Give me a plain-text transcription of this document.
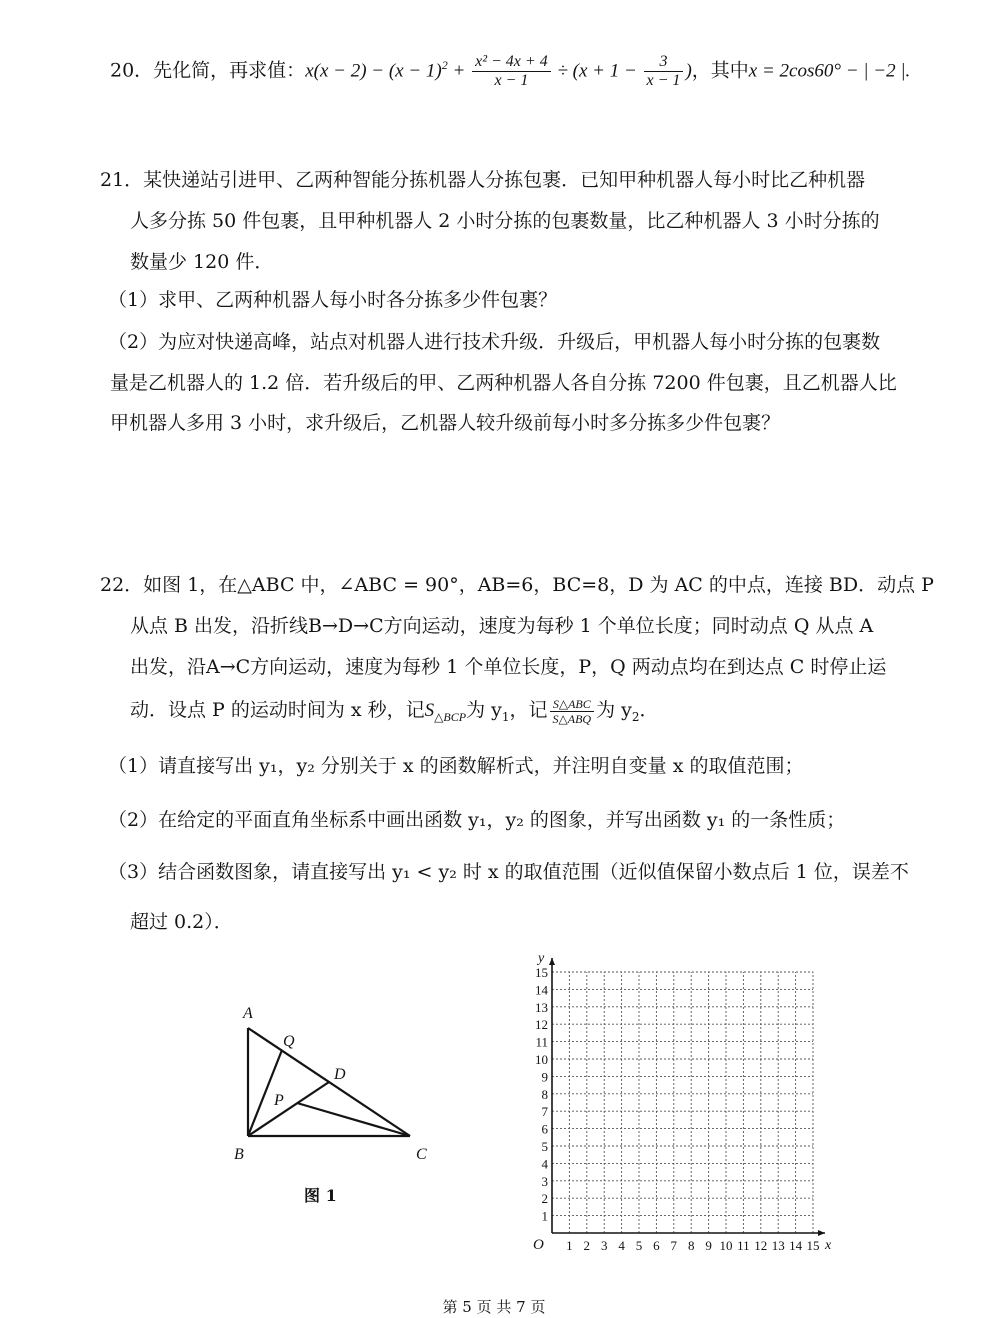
20．先化简，再求值：$x(x - 2) - (x - 1)^2 + \frac{\text{x² − 4x + 4}}{x - 1} \div (x + 1 - \frac{3}{x - 1}$ )，其中x = 2cos60° − | −2 |.
21．某快递站引进甲、乙两种智能分拣机器人分拣包裹．已知甲种机器人每小时比乙种机器
人多分拣 50 件包裹，且甲种机器人 2 小时分拣的包裹数量，比乙种机器人 3 小时分拣的
数量少 120 件．
（1）求甲、乙两种机器人每小时各分拣多少件包裹？
（2）为应对快递高峰，站点对机器人进行技术升级．升级后，甲机器人每小时分拣的包裹数
量是乙机器人的 1.2 倍．若升级后的甲、乙两种机器人各自分拣 7200 件包裹，且乙机器人比
甲机器人多用 3 小时，求升级后，乙机器人较升级前每小时多分拣多少件包裹？
22．如图 1，在△ABC 中，∠ABC = 90°，AB=6，BC=8，D 为 AC 的中点，连接 BD．动点 P
从点 B 出发，沿折线B→D→C方向运动，速度为每秒 1 个单位长度；同时动点 Q 从点 A
出发，沿A→C方向运动，速度为每秒 1 个单位长度，P，Q 两动点均在到达点 C 时停止运
动．设点 P 的运动时间为 x 秒，记$S_{\triangle BCP}$为 $y_1$，记 $\frac{\text{S△ABC}}{\text{S△ABQ}}$ 为 $y_2$．
（1）请直接写出 y₁，y₂ 分别关于 x 的函数解析式，并注明自变量 x 的取值范围；
（2）在给定的平面直角坐标系中画出函数 y₁，y₂ 的图象，并写出函数 y₁ 的一条性质；
（3）结合函数图象，请直接写出 y₁ < y₂ 时 x 的取值范围（近似值保留小数点后 1 位，误差不
超过 0.2）．
A
B	C
D
P
Q
图 1
1 2 3 4 5 6 7 8 9 10 11 12 13 14 15
1
2
3
4
5
6
7
8
9
10
11
12
13
14
15
O	x
y
第 5 页 共 7 页
